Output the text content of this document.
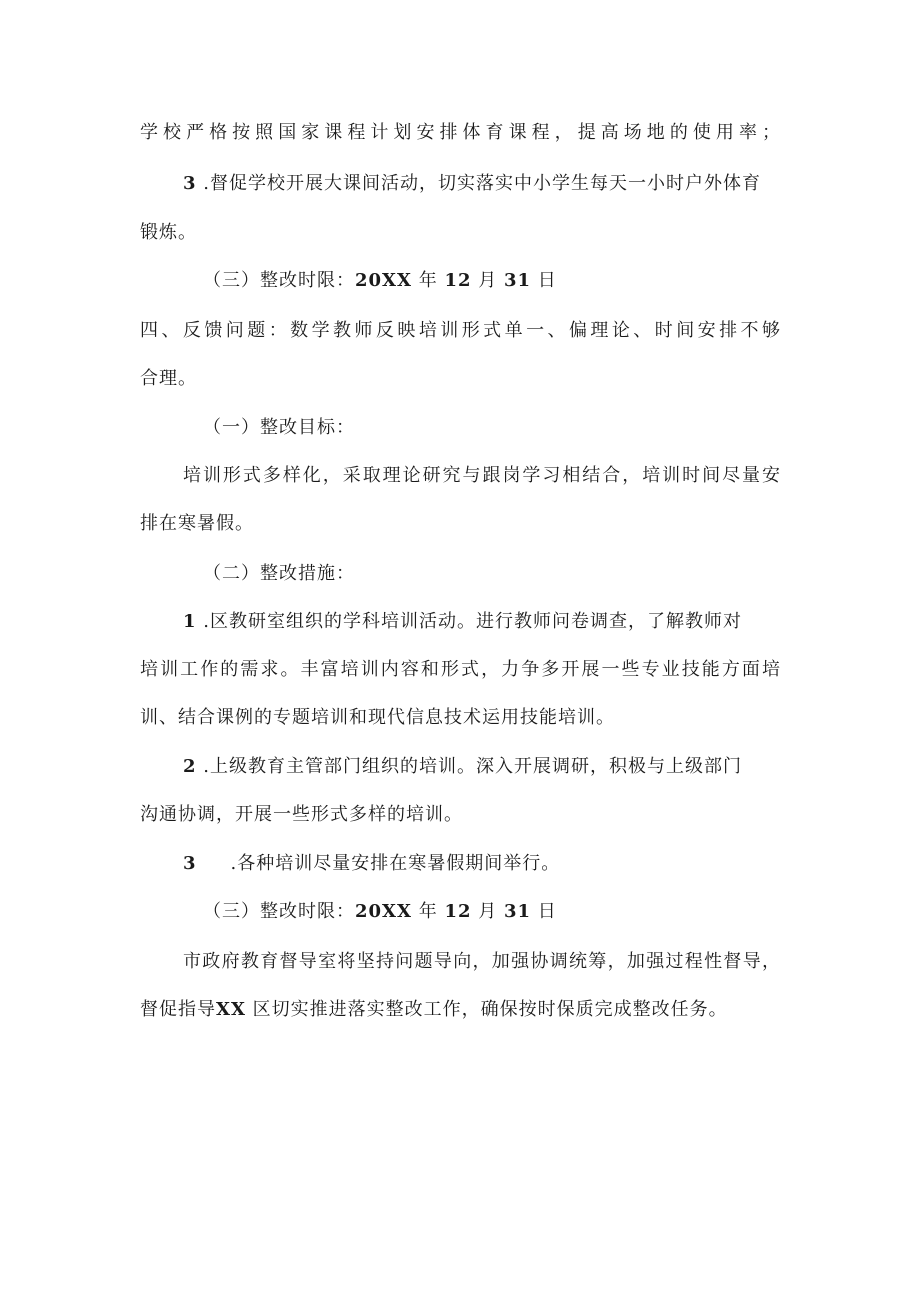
学校严格按照国家课程计划安排体育课程，提高场地的使用率；
3 .督促学校开展大课间活动，切实落实中小学生每天一小时户外体育
锻炼。
（三）整改时限：20XX 年 12 月 31 日
四、反馈问题：数学教师反映培训形式单一、偏理论、时间安排不够
合理。
（一）整改目标：
培训形式多样化，采取理论研究与跟岗学习相结合，培训时间尽量安
排在寒暑假。
（二）整改措施：
1 .区教研室组织的学科培训活动。进行教师问卷调查，了解教师对
培训工作的需求。丰富培训内容和形式，力争多开展一些专业技能方面培
训、结合课例的专题培训和现代信息技术运用技能培训。
2 .上级教育主管部门组织的培训。深入开展调研，积极与上级部门
沟通协调，开展一些形式多样的培训。
3 .各种培训尽量安排在寒暑假期间举行。
（三）整改时限：20XX 年 12 月 31 日
市政府教育督导室将坚持问题导向，加强协调统筹，加强过程性督导，
督促指导XX 区切实推进落实整改工作，确保按时保质完成整改任务。
